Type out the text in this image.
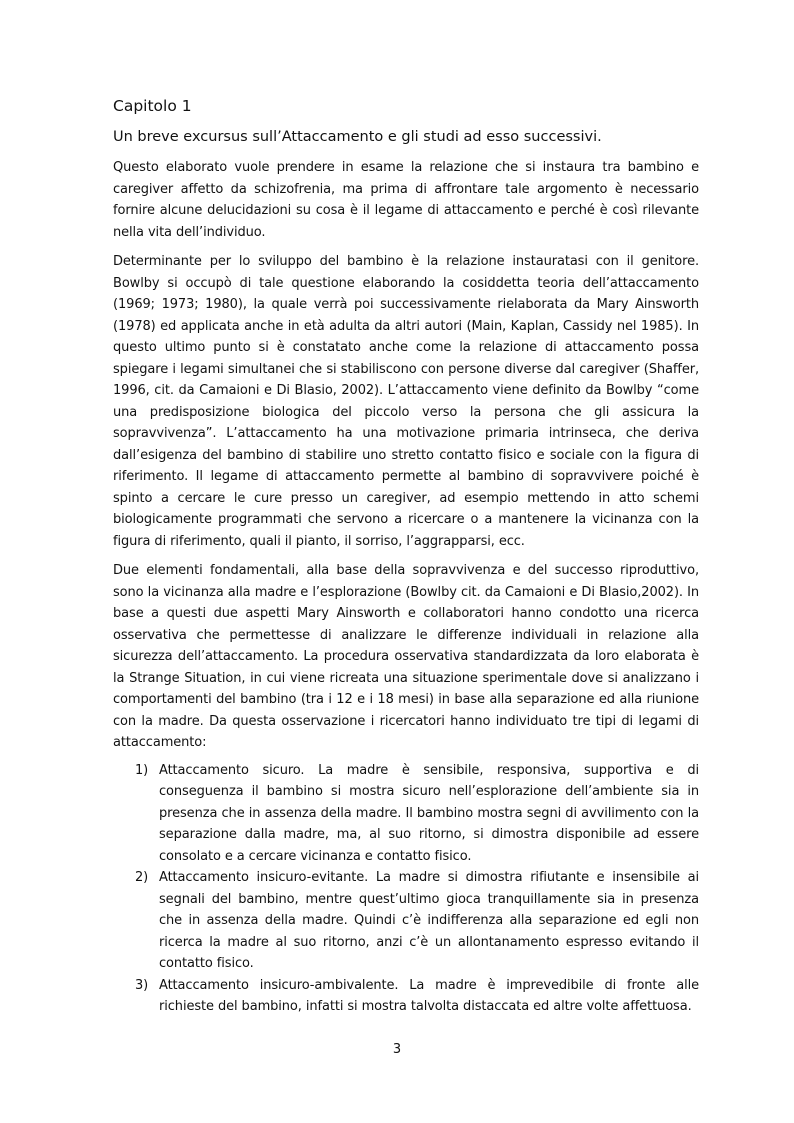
Capitolo 1
Un breve excursus sull’Attaccamento e gli studi ad esso successivi.

Questo elaborato vuole prendere in esame la relazione che si instaura tra bambino e caregiver affetto da schizofrenia, ma prima di affrontare tale argomento è necessario fornire alcune delucidazioni su cosa è il legame di attaccamento e perché è così rilevante nella vita dell’individuo.

Determinante per lo sviluppo del bambino è la relazione instauratasi con il genitore. Bowlby si occupò di tale questione elaborando la cosiddetta teoria dell’attaccamento (1969; 1973; 1980), la quale verrà poi successivamente rielaborata da Mary Ainsworth (1978) ed applicata anche in età adulta da altri autori (Main, Kaplan, Cassidy nel 1985). In questo ultimo punto si è constatato anche come la relazione di attaccamento possa spiegare i legami simultanei che si stabiliscono con persone diverse dal caregiver (Shaffer, 1996, cit. da Camaioni e Di Blasio, 2002). L’attaccamento viene definito da Bowlby “come una predisposizione biologica del piccolo verso la persona che gli assicura la sopravvivenza”. L’attaccamento ha una motivazione primaria intrinseca, che deriva dall’esigenza del bambino di stabilire uno stretto contatto fisico e sociale con la figura di riferimento. Il legame di attaccamento permette al bambino di sopravvivere poiché è spinto a cercare le cure presso un caregiver, ad esempio mettendo in atto schemi biologicamente programmati che servono a ricercare o a mantenere la vicinanza con la figura di riferimento, quali il pianto, il sorriso, l’aggrapparsi, ecc.

Due elementi fondamentali, alla base della sopravvivenza e del successo riproduttivo, sono la vicinanza alla madre e l’esplorazione (Bowlby cit. da Camaioni e Di Blasio,2002). In base a questi due aspetti Mary Ainsworth e collaboratori hanno condotto una ricerca osservativa che permettesse di analizzare le differenze individuali in relazione alla sicurezza dell’attaccamento. La procedura osservativa standardizzata da loro elaborata è la Strange Situation, in cui viene ricreata una situazione sperimentale dove si analizzano i comportamenti del bambino (tra i 12 e i 18 mesi) in base alla separazione ed alla riunione con la madre. Da questa osservazione i ricercatori hanno individuato tre tipi di legami di attaccamento:

1) Attaccamento sicuro. La madre è sensibile, responsiva, supportiva e di conseguenza il bambino si mostra sicuro nell’esplorazione dell’ambiente sia in presenza che in assenza della madre. Il bambino mostra segni di avvilimento con la separazione dalla madre, ma, al suo ritorno, si dimostra disponibile ad essere consolato e a cercare vicinanza e contatto fisico.
2) Attaccamento insicuro-evitante. La madre si dimostra rifiutante e insensibile ai segnali del bambino, mentre quest’ultimo gioca tranquillamente sia in presenza che in assenza della madre. Quindi c’è indifferenza alla separazione ed egli non ricerca la madre al suo ritorno, anzi c’è un allontanamento espresso evitando il contatto fisico.
3) Attaccamento insicuro-ambivalente. La madre è imprevedibile di fronte alle richieste del bambino, infatti si mostra talvolta distaccata ed altre volte affettuosa.
3
